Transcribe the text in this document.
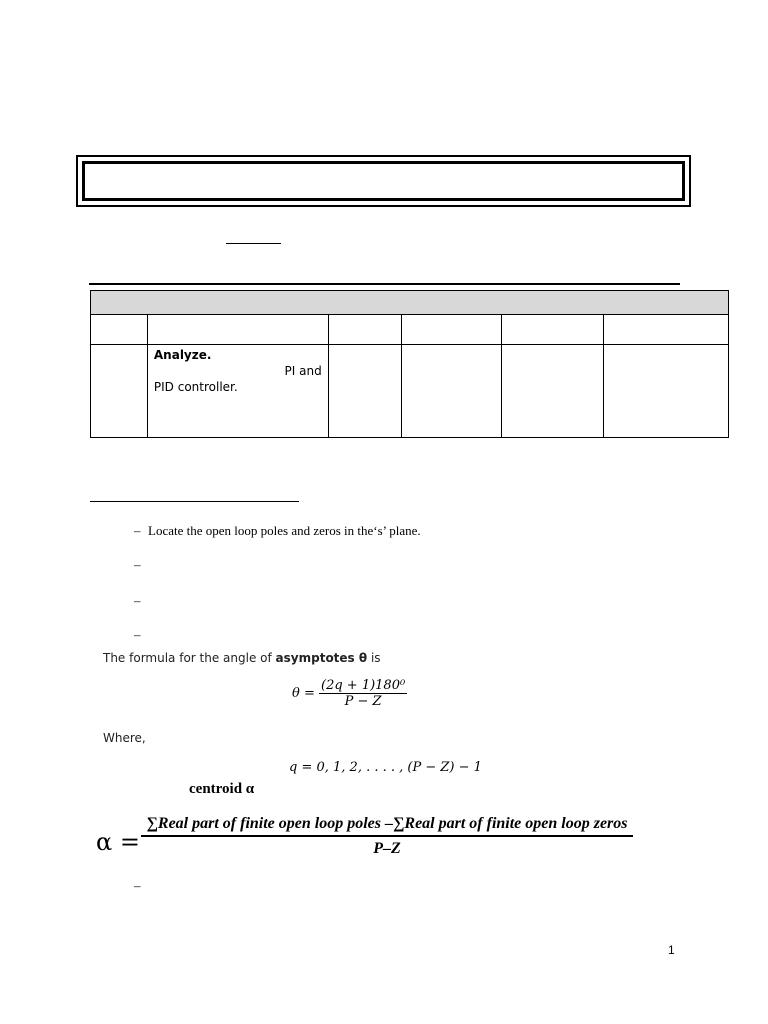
	Analyze.
PI and
PID controller.				

– Locate the open loop poles and zeros in the‘s’ plane.
–
–
–
The formula for the angle of asymptotes θ is
$\theta = \frac{\text{(2q + 1)180⁰}}{P - Z}$
Where,
q = 0, 1, 2, . . . . , (P − Z) − 1
centroid α
α =
∑Real part of finite open loop poles –∑Real part of finite open loop zeros
P–Z
–
1
